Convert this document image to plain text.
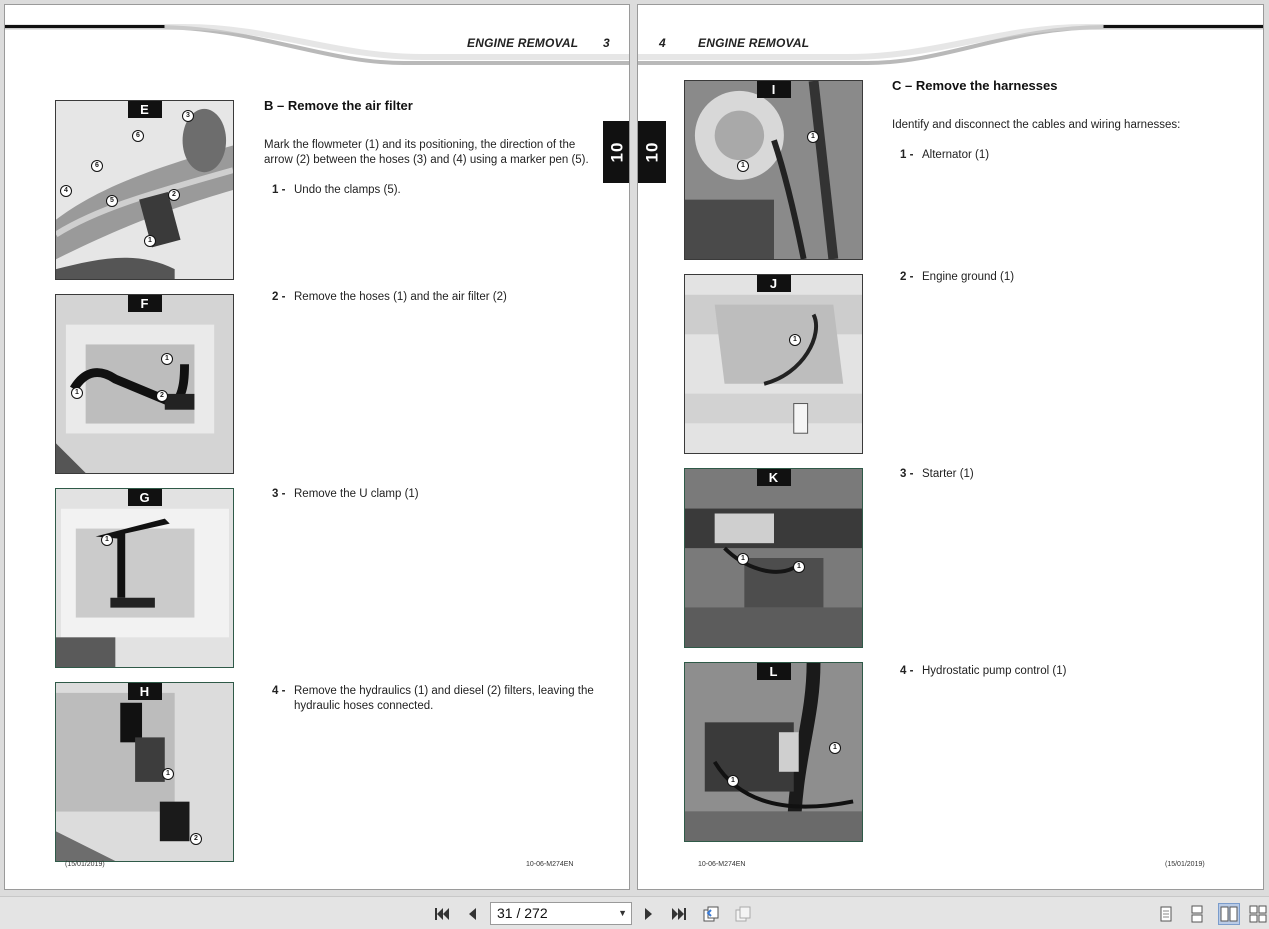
ENGINE REMOVAL 3
10
E	3
6
6
4
5
2
1
F
1
1	2
G
1
H
1
2
B – Remove the air filter
Mark the flowmeter (1) and its positioning, the direction of the arrow (2) between the hoses (3) and (4) using a marker pen (5).
1 - Undo the clamps (5).
2 - Remove the hoses (1) and the air filter (2)
3 - Remove the U clamp (1)
4 - Remove the hydraulics (1) and diesel (2) filters, leaving the hydraulic hoses connected.
(15/01/2019)	10-06-M274EN
4	ENGINE REMOVAL
10
I
1
1
J
1
K
1
1
L
1
1
C – Remove the harnesses
Identify and disconnect the cables and wiring harnesses:
1 - Alternator (1)
2 - Engine ground (1)
3 - Starter (1)
4 - Hydrostatic pump control (1)
10-06-M274EN	(15/01/2019)
31 / 272	▼
